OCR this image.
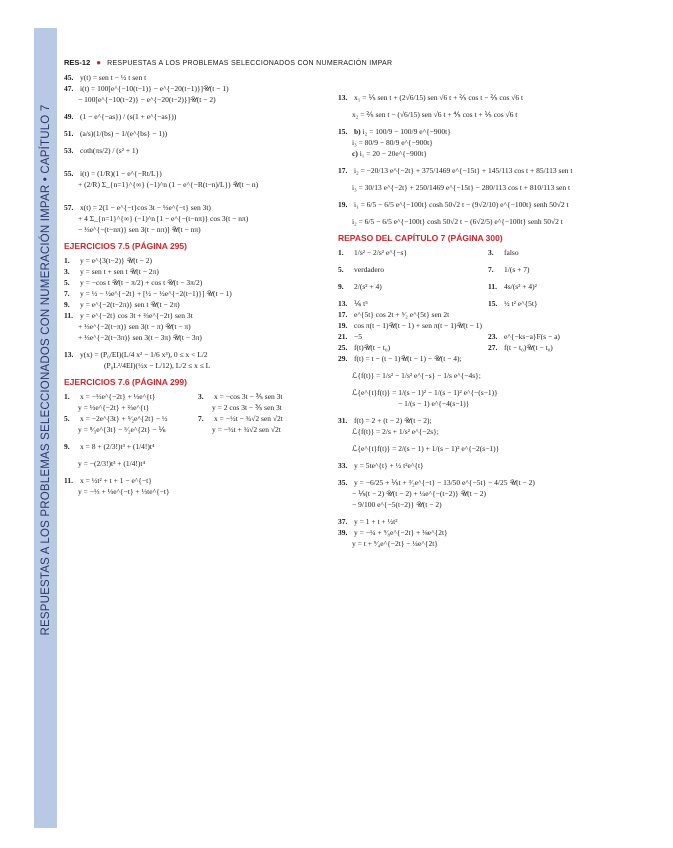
RESPUESTAS A LOS PROBLEMAS SELECCIONADOS CON NUMERACIÓN IMPAR • CAPÍTULO 7
RES-12 ● RESPUESTAS A LOS PROBLEMAS SELECCIONADOS CON NUMERACIÓN IMPAR
45. y(t) = sen t − ½ t sen t
47. i(t) = 100[e^{−10(t−1)} − e^{−20(t−1)}]𝒰(t − 1)
− 100[e^{−10(t−2)} − e^{−20(t−2)}]𝒰(t − 2)
49. (1 − e^{−as}) / (s(1 + e^{−as}))
51. (a/s)(1/(bs) − 1/(e^{bs} − 1))
53. coth(πs/2) / (s² + 1)
55. i(t) = (1/R)(1 − e^{−Rt/L})
+ (2/R) Σ_{n=1}^{∞} (−1)^n (1 − e^{−R(t−n)/L}) 𝒰(t − n)
57. x(t) = 2(1 − e^{−t}cos 3t − ⅓e^{−t} sen 3t)
+ 4 Σ_{n=1}^{∞} (−1)^n [1 − e^{−(t−nπ)} cos 3(t − nπ)
− ⅓e^{−(t−nπ)} sen 3(t − nπ)] 𝒰(t − nπ)
EJERCICIOS 7.5 (PÁGINA 295)
1. y = e^{3(t−2)} 𝒰(t − 2)
3. y = sen t + sen t 𝒰(t − 2π)
5. y = −cos t 𝒰(t − π/2) + cos t 𝒰(t − 3π/2)
7. y = ½ − ½e^{−2t} + [½ − ½e^{−2(t−1)}] 𝒰(t − 1)
9. y = e^{−2(t−2π)} sen t 𝒰(t − 2π)
11. y = e^{−2t} cos 3t + ⅔e^{−2t} sen 3t
+ ⅓e^{−2(t−π)} sen 3(t − π) 𝒰(t − π)
+ ⅓e^{−2(t−3π)} sen 3(t − 3π) 𝒰(t − 3π)
13. y(x) = (P₀/EI)(L/4 x² − 1/6 x³), 0 ≤ x < L/2
(P₀L²/4EI)(½x − L/12), L/2 ≤ x ≤ L
EJERCICIOS 7.6 (PÁGINA 299)
1. x = −⅓e^{−2t} + ⅓e^{t}
y = ⅓e^{−2t} + ⅔e^{t}
3. x = −cos 3t − ⅗ sen 3t
y = 2 cos 3t − ⅗ sen 3t
5. x = −2e^{3t} + ⁵⁄₂e^{2t} − ½
y = ⁸⁄₃e^{3t} − ⁵⁄₂e^{2t} − ⅙
7. x = −½t − ¾√2 sen √2t
y = −½t + ¾√2 sen √2t
9. x = 8 + (2/3!)t³ + (1/4!)t⁴
y = −(2/3!)t³ + (1/4!)t⁴
11. x = ½t² + t + 1 − e^{−t}
y = −⅓ + ⅓e^{−t} + ⅓te^{−t}
13. x₁ = ⅕ sen t + (2√6/15) sen √6 t + ⅖ cos t − ⅖ cos √6 t
x₂ = ⅖ sen t − (√6/15) sen √6 t + ⅘ cos t + ⅕ cos √6 t
15. b) i₂ = 100/9 − 100/9 e^{−900t}
i₃ = 80/9 − 80/9 e^{−900t}
c) i₁ = 20 − 20e^{−900t}
17. i₂ = −20/13 e^{−2t} + 375/1469 e^{−15t} + 145/113 cos t + 85/113 sen t
i₃ = 30/13 e^{−2t} + 250/1469 e^{−15t} − 280/113 cos t + 810/113 sen t
19. i₁ = 6/5 − 6/5 e^{−100t} cosh 50√2 t − (9√2/10) e^{−100t} senh 50√2 t
i₂ = 6/5 − 6/5 e^{−100t} cosh 50√2 t − (6√2/5) e^{−100t} senh 50√2 t
REPASO DEL CAPÍTULO 7 (PÁGINA 300)
1. 1/s² − 2/s² e^{−s}	3. falso
5. verdadero	7. 1/(s + 7)
9. 2/(s² + 4)	11. 4s/(s² + 4)²
13. ⅙ t⁵	15. ½ t² e^{5t}
17. e^{5t} cos 2t + ⁵⁄₂ e^{5t} sen 2t
19. cos π(t − 1)𝒰(t − 1) + sen π(t − 1)𝒰(t − 1)
21. −5	23. e^{−ks−a}F(s − a)
25. f(t)𝒰(t − t₀)	27. f(t − t₀)𝒰(t − t₀)
29. f(t) = t − (t − 1)𝒰(t − 1) − 𝒰(t − 4);
ℒ{f(t)} = 1/s² − 1/s² e^{−s} − 1/s e^{−4s};
ℒ{e^{t}f(t)} = 1/(s − 1)² − 1/(s − 1)² e^{−(s−1)}
− 1/(s − 1) e^{−4(s−1)}
31. f(t) = 2 + (t − 2) 𝒰(t − 2);
ℒ{f(t)} = 2/s + 1/s² e^{−2s};
ℒ{e^{t}f(t)} = 2/(s − 1) + 1/(s − 1)² e^{−2(s−1)}
33. y = 5te^{t} + ½ t²e^{t}
35. y = −6/25 + ⅕t + ³⁄₂e^{−t} − 13/50 e^{−5t} − 4/25 𝒰(t − 2)
− ⅕(t − 2) 𝒰(t − 2) + ¼e^{−(t−2)} 𝒰(t − 2)
− 9/100 e^{−5(t−2)} 𝒰(t − 2)
37. y = 1 + t + ½t²
39. y = −¼ + ⁹⁄₈e^{−2t} + ⅛e^{2t}
y = t + ⁹⁄₄e^{−2t} − ¼e^{2t}
